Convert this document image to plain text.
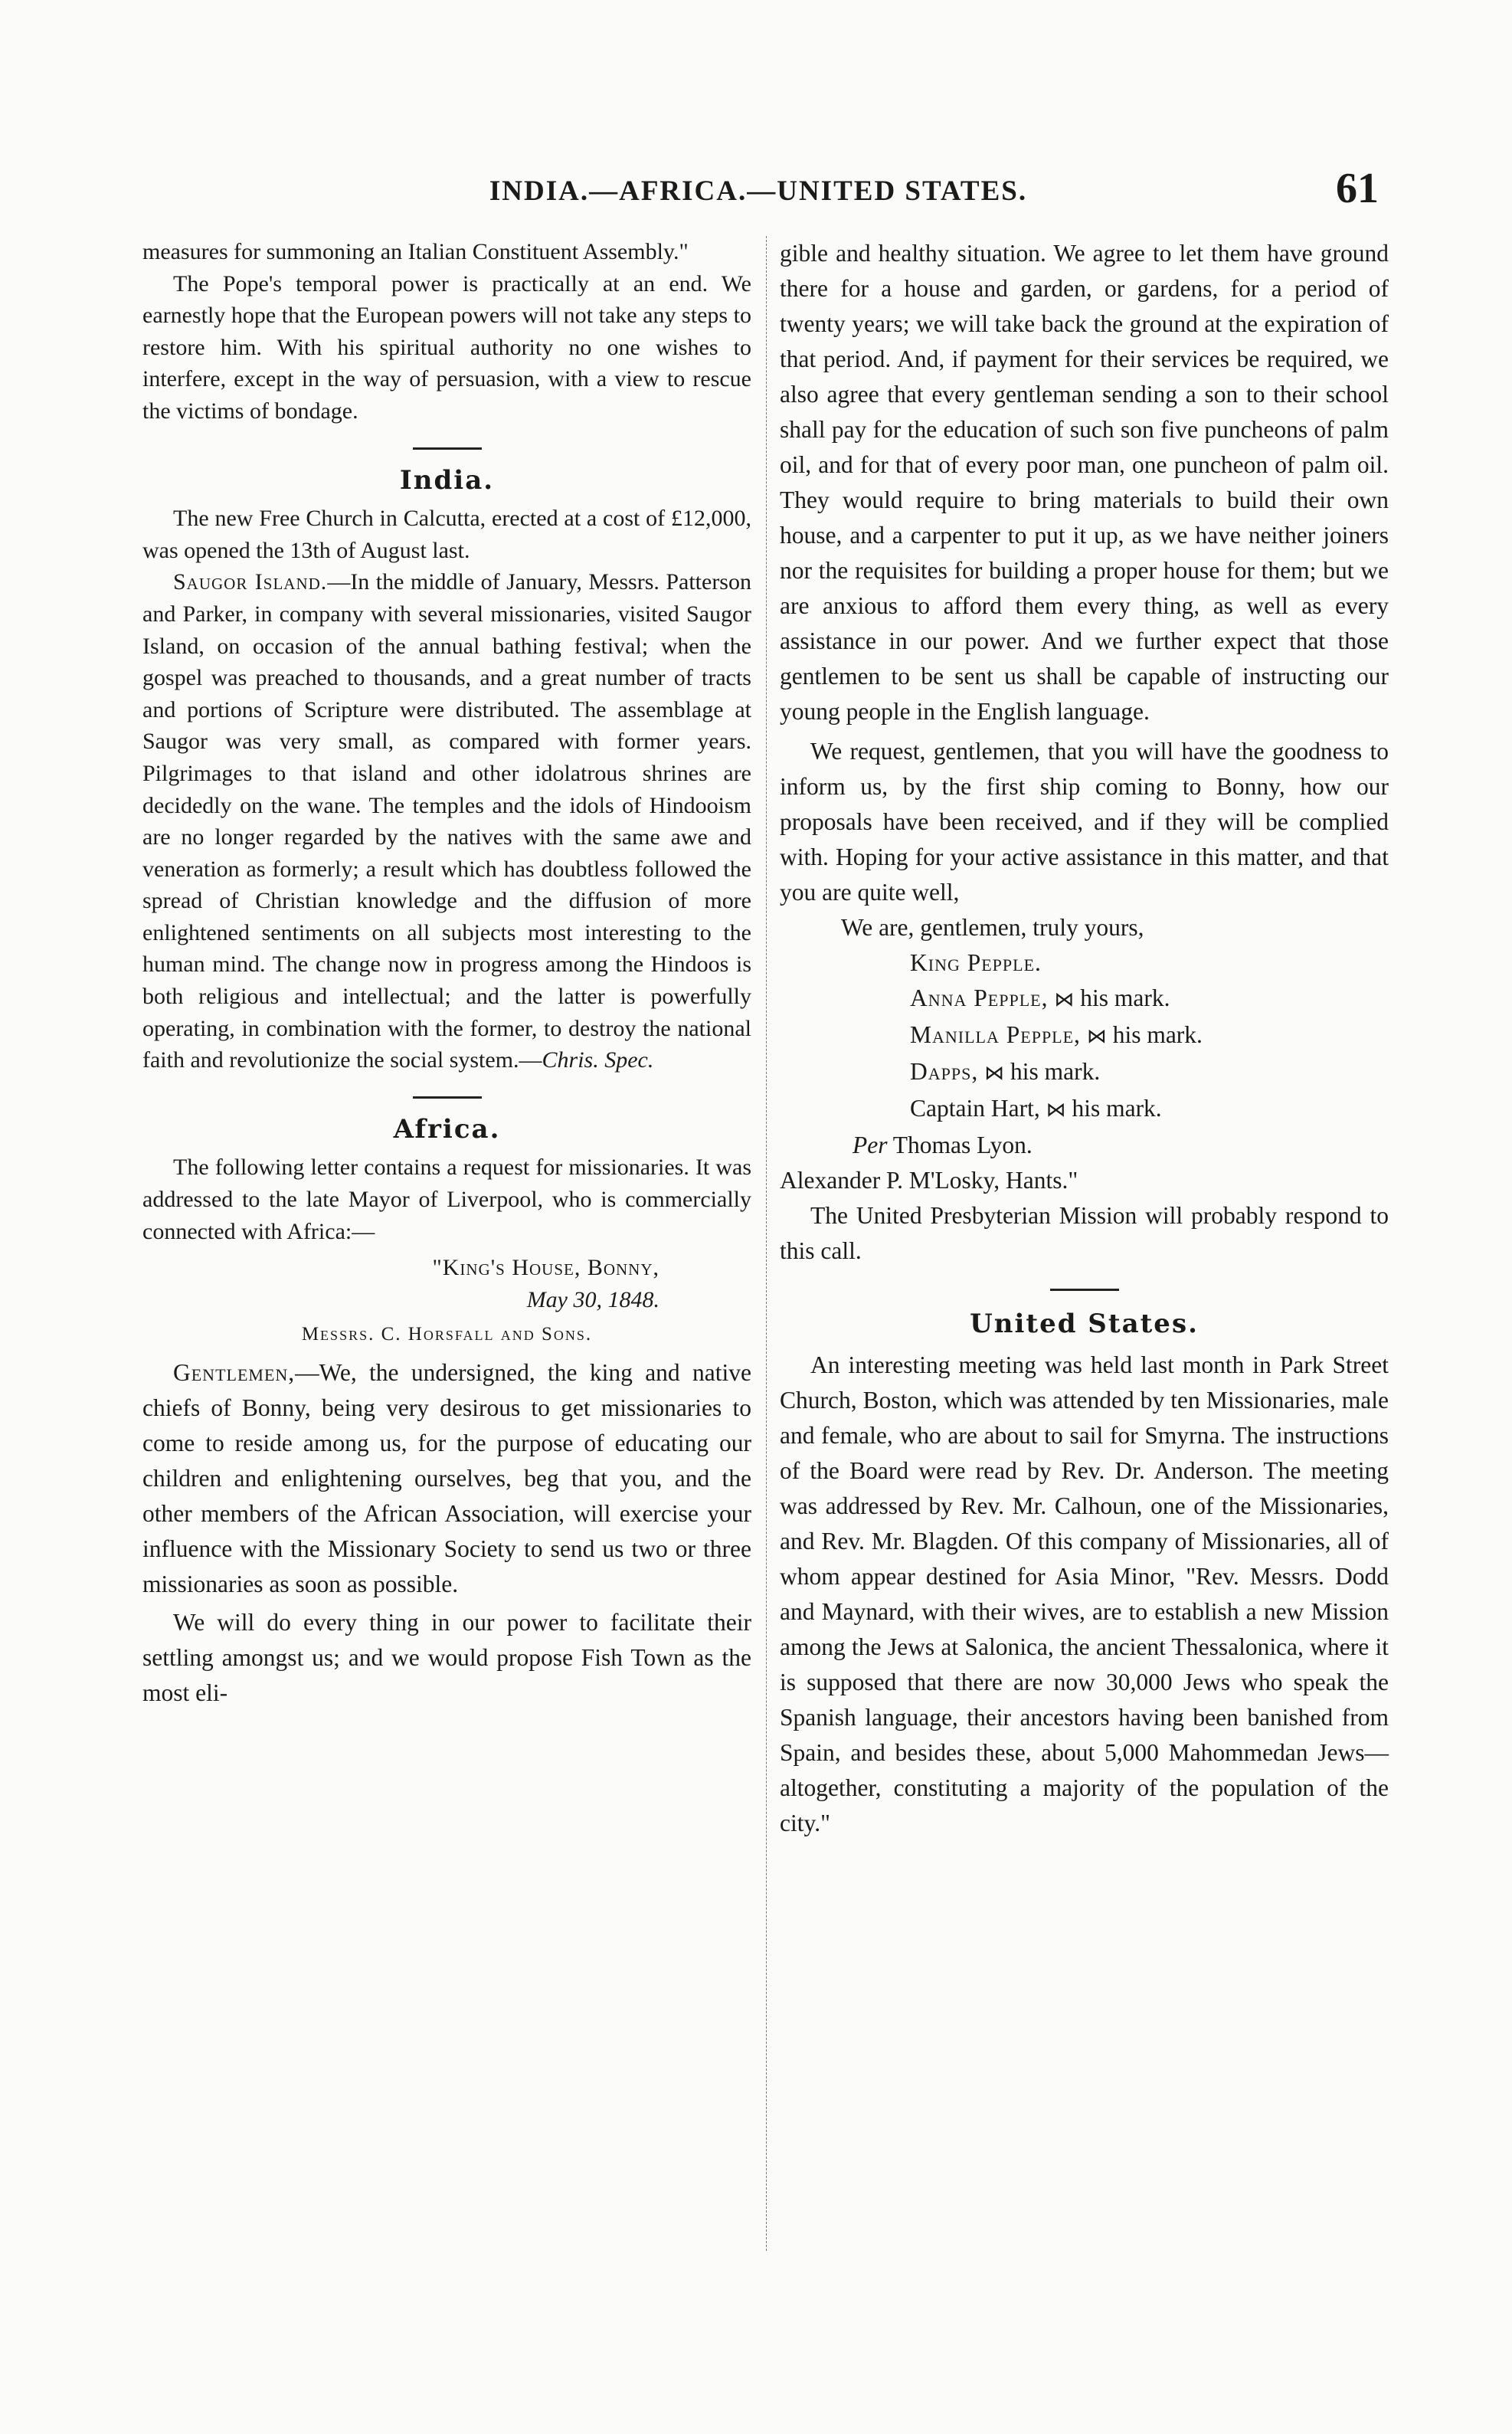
INDIA.—AFRICA.—UNITED STATES.	61

measures for summoning an Italian Constituent Assembly."

The Pope's temporal power is practically at an end. We earnestly hope that the European powers will not take any steps to restore him. With his spiritual authority no one wishes to interfere, except in the way of persuasion, with a view to rescue the victims of bondage.

India.

The new Free Church in Calcutta, erected at a cost of £12,000, was opened the 13th of August last.

Saugor Island.—In the middle of January, Messrs. Patterson and Parker, in company with several missionaries, visited Saugor Island, on occasion of the annual bathing festival; when the gospel was preached to thousands, and a great number of tracts and portions of Scripture were distributed. The assemblage at Saugor was very small, as compared with former years. Pilgrimages to that island and other idolatrous shrines are decidedly on the wane. The temples and the idols of Hindooism are no longer regarded by the natives with the same awe and veneration as formerly; a result which has doubtless followed the spread of Christian knowledge and the diffusion of more enlightened sentiments on all subjects most interesting to the human mind. The change now in progress among the Hindoos is both religious and intellectual; and the latter is powerfully operating, in combination with the former, to destroy the national faith and revolutionize the social system.—Chris. Spec.

Africa.

The following letter contains a request for missionaries. It was addressed to the late Mayor of Liverpool, who is commercially connected with Africa:—

"King's House, Bonny,

May 30, 1848.

Messrs. C. Horsfall and Sons.

Gentlemen,—We, the undersigned, the king and native chiefs of Bonny, being very desirous to get missionaries to come to reside among us, for the purpose of educating our children and enlightening ourselves, beg that you, and the other members of the African Association, will exercise your influence with the Missionary Society to send us two or three missionaries as soon as possible.

We will do every thing in our power to facilitate their settling amongst us; and we would propose Fish Town as the most eli-

gible and healthy situation. We agree to let them have ground there for a house and garden, or gardens, for a period of twenty years; we will take back the ground at the expiration of that period. And, if payment for their services be required, we also agree that every gentleman sending a son to their school shall pay for the education of such son five puncheons of palm oil, and for that of every poor man, one puncheon of palm oil. They would require to bring materials to build their own house, and a carpenter to put it up, as we have neither joiners nor the requisites for building a proper house for them; but we are anxious to afford them every thing, as well as every assistance in our power. And we further expect that those gentlemen to be sent us shall be capable of instructing our young people in the English language.

We request, gentlemen, that you will have the goodness to inform us, by the first ship coming to Bonny, how our proposals have been received, and if they will be complied with. Hoping for your active assistance in this matter, and that you are quite well,

We are, gentlemen, truly yours,

King Pepple.

Anna Pepple, ⋈ his mark.

Manilla Pepple, ⋈ his mark.

Dapps, ⋈ his mark.

Captain Hart, ⋈ his mark.

Per Thomas Lyon.

Alexander P. M'Losky, Hants."

The United Presbyterian Mission will probably respond to this call.

United States.

An interesting meeting was held last month in Park Street Church, Boston, which was attended by ten Missionaries, male and female, who are about to sail for Smyrna. The instructions of the Board were read by Rev. Dr. Anderson. The meeting was addressed by Rev. Mr. Calhoun, one of the Missionaries, and Rev. Mr. Blagden. Of this company of Missionaries, all of whom appear destined for Asia Minor, "Rev. Messrs. Dodd and Maynard, with their wives, are to establish a new Mission among the Jews at Salonica, the ancient Thessalonica, where it is supposed that there are now 30,000 Jews who speak the Spanish language, their ancestors having been banished from Spain, and besides these, about 5,000 Mahommedan Jews—altogether, constituting a majority of the population of the city."
